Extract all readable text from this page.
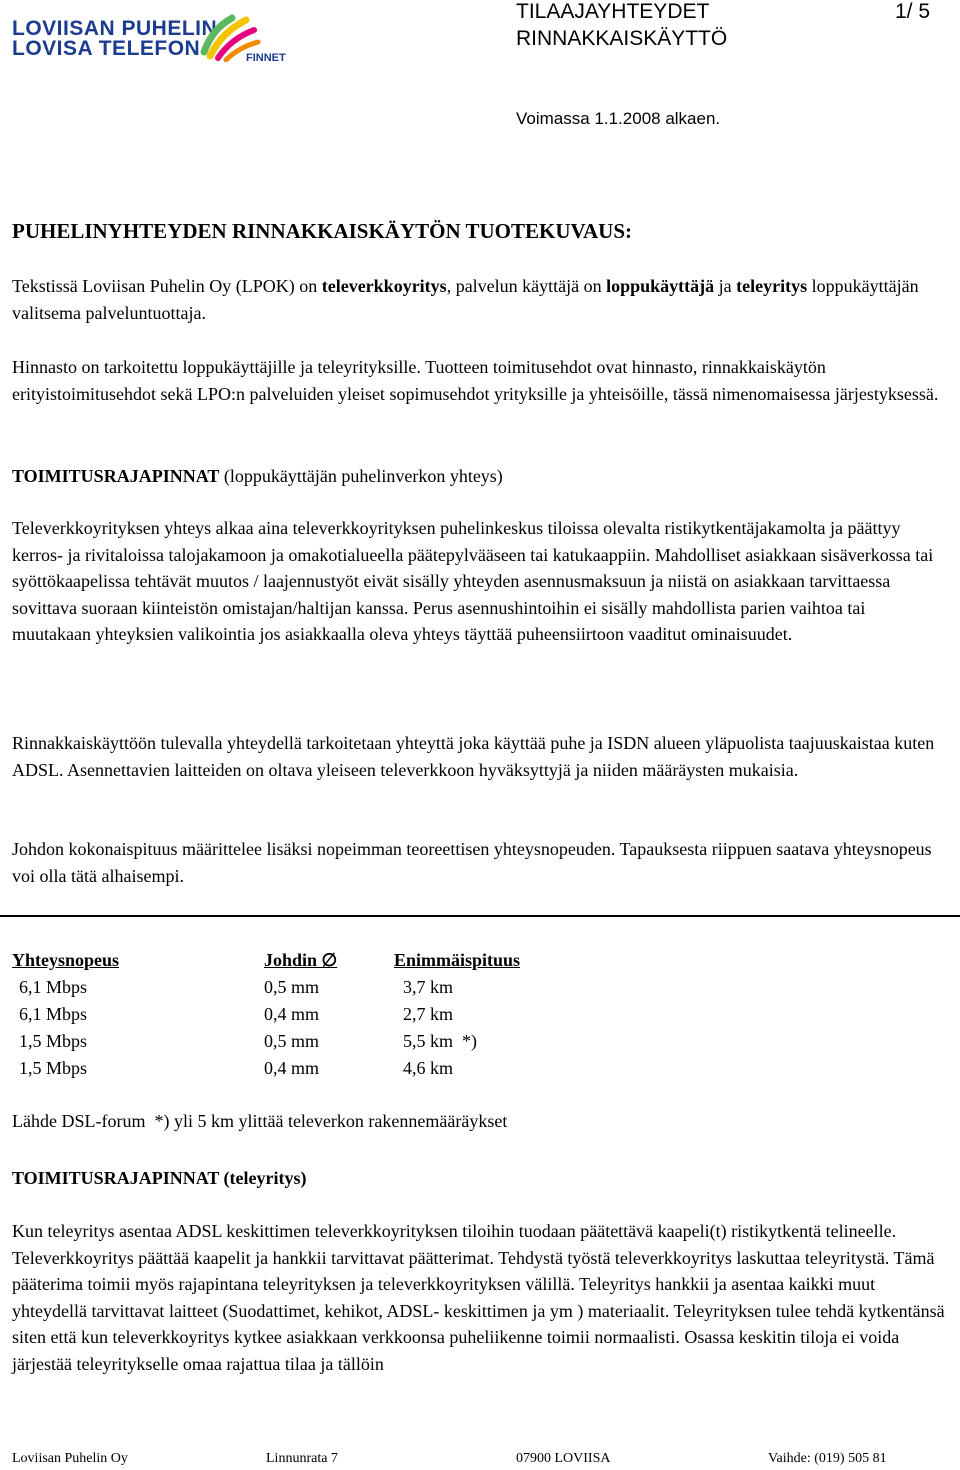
LOVIISAN PUHELIN
LOVISA TELEFON	FINNET
TILAAJAYHTEYDET
RINNAKKAISKÄYTTÖ
1/ 5
Voimassa 1.1.2008 alkaen.
PUHELINYHTEYDEN RINNAKKAISKÄYTÖN TUOTEKUVAUS:

Tekstissä Loviisan Puhelin Oy (LPOK) on televerkkoyritys, palvelun käyttäjä on loppukäyttäjä ja teleyritys loppukäyttäjän valitsema palveluntuottaja.

Hinnasto on tarkoitettu loppukäyttäjille ja teleyrityksille. Tuotteen toimitusehdot ovat hinnasto, rinnakkaiskäytön erityistoimitusehdot sekä LPO:n palveluiden yleiset sopimusehdot yrityksille ja yhteisöille, tässä nimenomaisessa järjestyksessä.

TOIMITUSRAJAPINNAT (loppukäyttäjän puhelinverkon yhteys)

Televerkkoyrityksen yhteys alkaa aina televerkkoyrityksen puhelinkeskus tiloissa olevalta ristikytkentäjakamolta ja päättyy kerros- ja rivitaloissa talojakamoon ja omakotialueella päätepylvääseen tai katukaappiin. Mahdolliset asiakkaan sisäverkossa tai syöttökaapelissa tehtävät muutos / laajennustyöt eivät sisälly yhteyden asennusmaksuun ja niistä on asiakkaan tarvittaessa sovittava suoraan kiinteistön omistajan/haltijan kanssa. Perus asennushintoihin ei sisälly mahdollista parien vaihtoa tai muutakaan yhteyksien valikointia jos asiakkaalla oleva yhteys täyttää puheensiirtoon vaaditut ominaisuudet.

Rinnakkaiskäyttöön tulevalla yhteydellä tarkoitetaan yhteyttä joka käyttää puhe ja ISDN alueen yläpuolista taajuuskaistaa kuten ADSL. Asennettavien laitteiden on oltava yleiseen televerkkoon hyväksyttyjä ja niiden määräysten mukaisia.

Johdon kokonaispituus määrittelee lisäksi nopeimman teoreettisen yhteysnopeuden. Tapauksesta riippuen saatava yhteysnopeus voi olla tätä alhaisempi.

Yhteysnopeus	Johdin ∅	Enimmäispituus
6,1 Mbps	0,5 mm	3,7 km
6,1 Mbps	0,4 mm	2,7 km
1,5 Mbps	0,5 mm	5,5 km  *)
1,5 Mbps	0,4 mm	4,6 km
Lähde DSL-forum  *) yli 5 km ylittää televerkon rakennemääräykset
TOIMITUSRAJAPINNAT (teleyritys)

Kun teleyritys asentaa ADSL keskittimen televerkkoyrityksen tiloihin tuodaan päätettävä kaapeli(t) ristikytkentä telineelle. Televerkkoyritys päättää kaapelit ja hankkii tarvittavat päätterimat. Tehdystä työstä televerkkoyritys laskuttaa teleyritystä. Tämä pääterima toimii myös rajapintana teleyrityksen ja televerkkoyrityksen välillä. Teleyritys hankkii ja asentaa kaikki muut yhteydellä tarvittavat laitteet (Suodattimet, kehikot, ADSL- keskittimen ja ym ) materiaalit. Teleyrityksen tulee tehdä kytkentänsä siten että kun televerkkoyritys kytkee asiakkaan verkkoonsa puheliikenne toimii normaalisti. Osassa keskitin tiloja ei voida järjestää teleyritykselle omaa rajattua tilaa ja tällöin

Loviisan Puhelin Oy	Linnunrata 7	07900 LOVIISA	Vaihde: (019) 505 81
